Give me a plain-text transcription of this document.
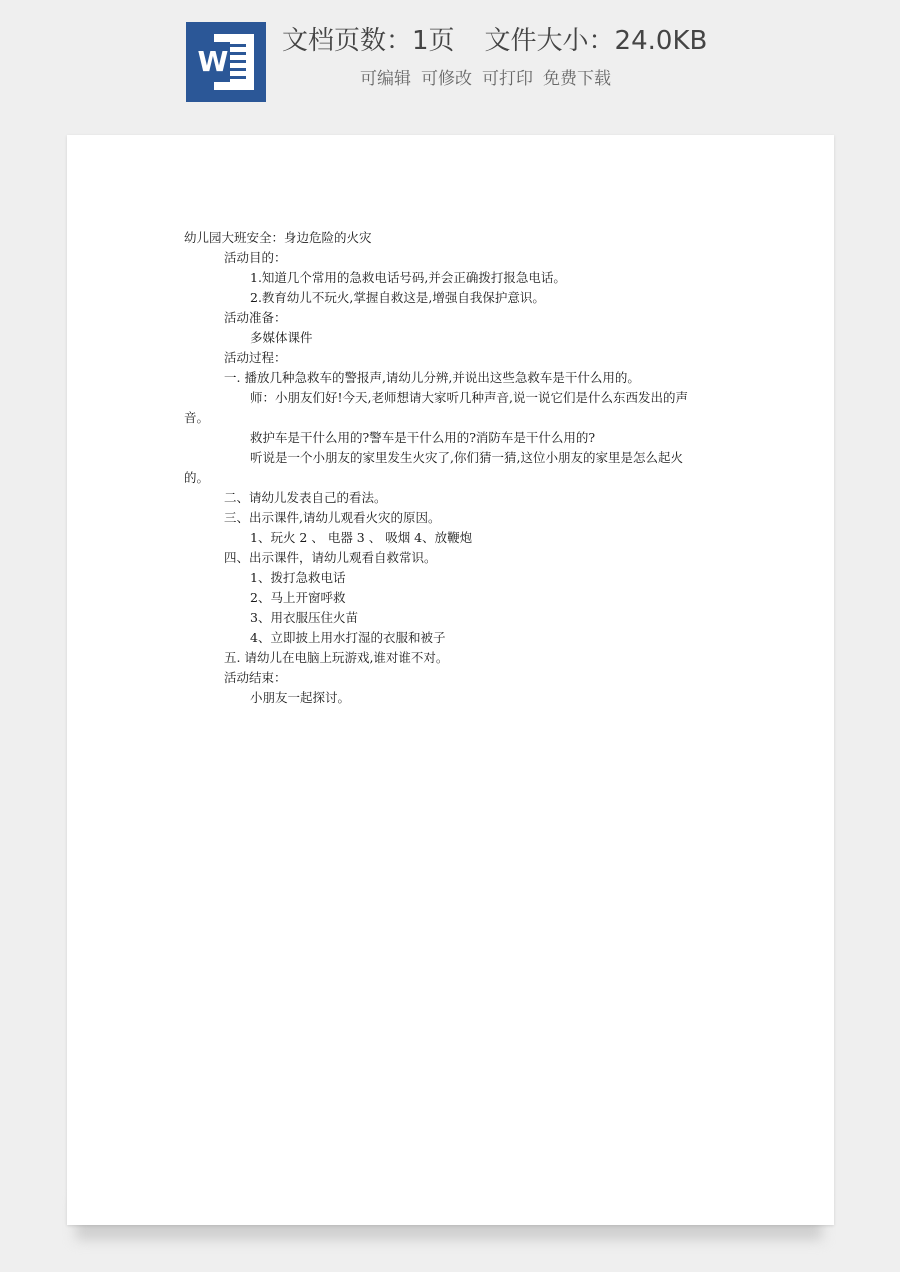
W
文档页数：1页 文件大小：24.0KB
可编辑 可修改 可打印 免费下载
幼儿园大班安全：身边危险的火灾
活动目的：
1.知道几个常用的急救电话号码,并会正确拨打报急电话。
2.教育幼儿不玩火,掌握自救这是,增强自我保护意识。
活动准备：
多媒体课件
活动过程：
一. 播放几种急救车的警报声,请幼儿分辨,并说出这些急救车是干什么用的。
师：小朋友们好!今天,老师想请大家听几种声音,说一说它们是什么东西发出的声
音。
救护车是干什么用的?警车是干什么用的?消防车是干什么用的?
听说是一个小朋友的家里发生火灾了,你们猜一猜,这位小朋友的家里是怎么起火
的。
二、请幼儿发表自己的看法。
三、出示课件,请幼儿观看火灾的原因。
1、玩火 2 、 电器 3 、 吸烟 4、放鞭炮
四、出示课件，请幼儿观看自救常识。
1、拨打急救电话
2、马上开窗呼救
3、用衣服压住火苗
4、立即披上用水打湿的衣服和被子
五. 请幼儿在电脑上玩游戏,谁对谁不对。
活动结束：
小朋友一起探讨。
